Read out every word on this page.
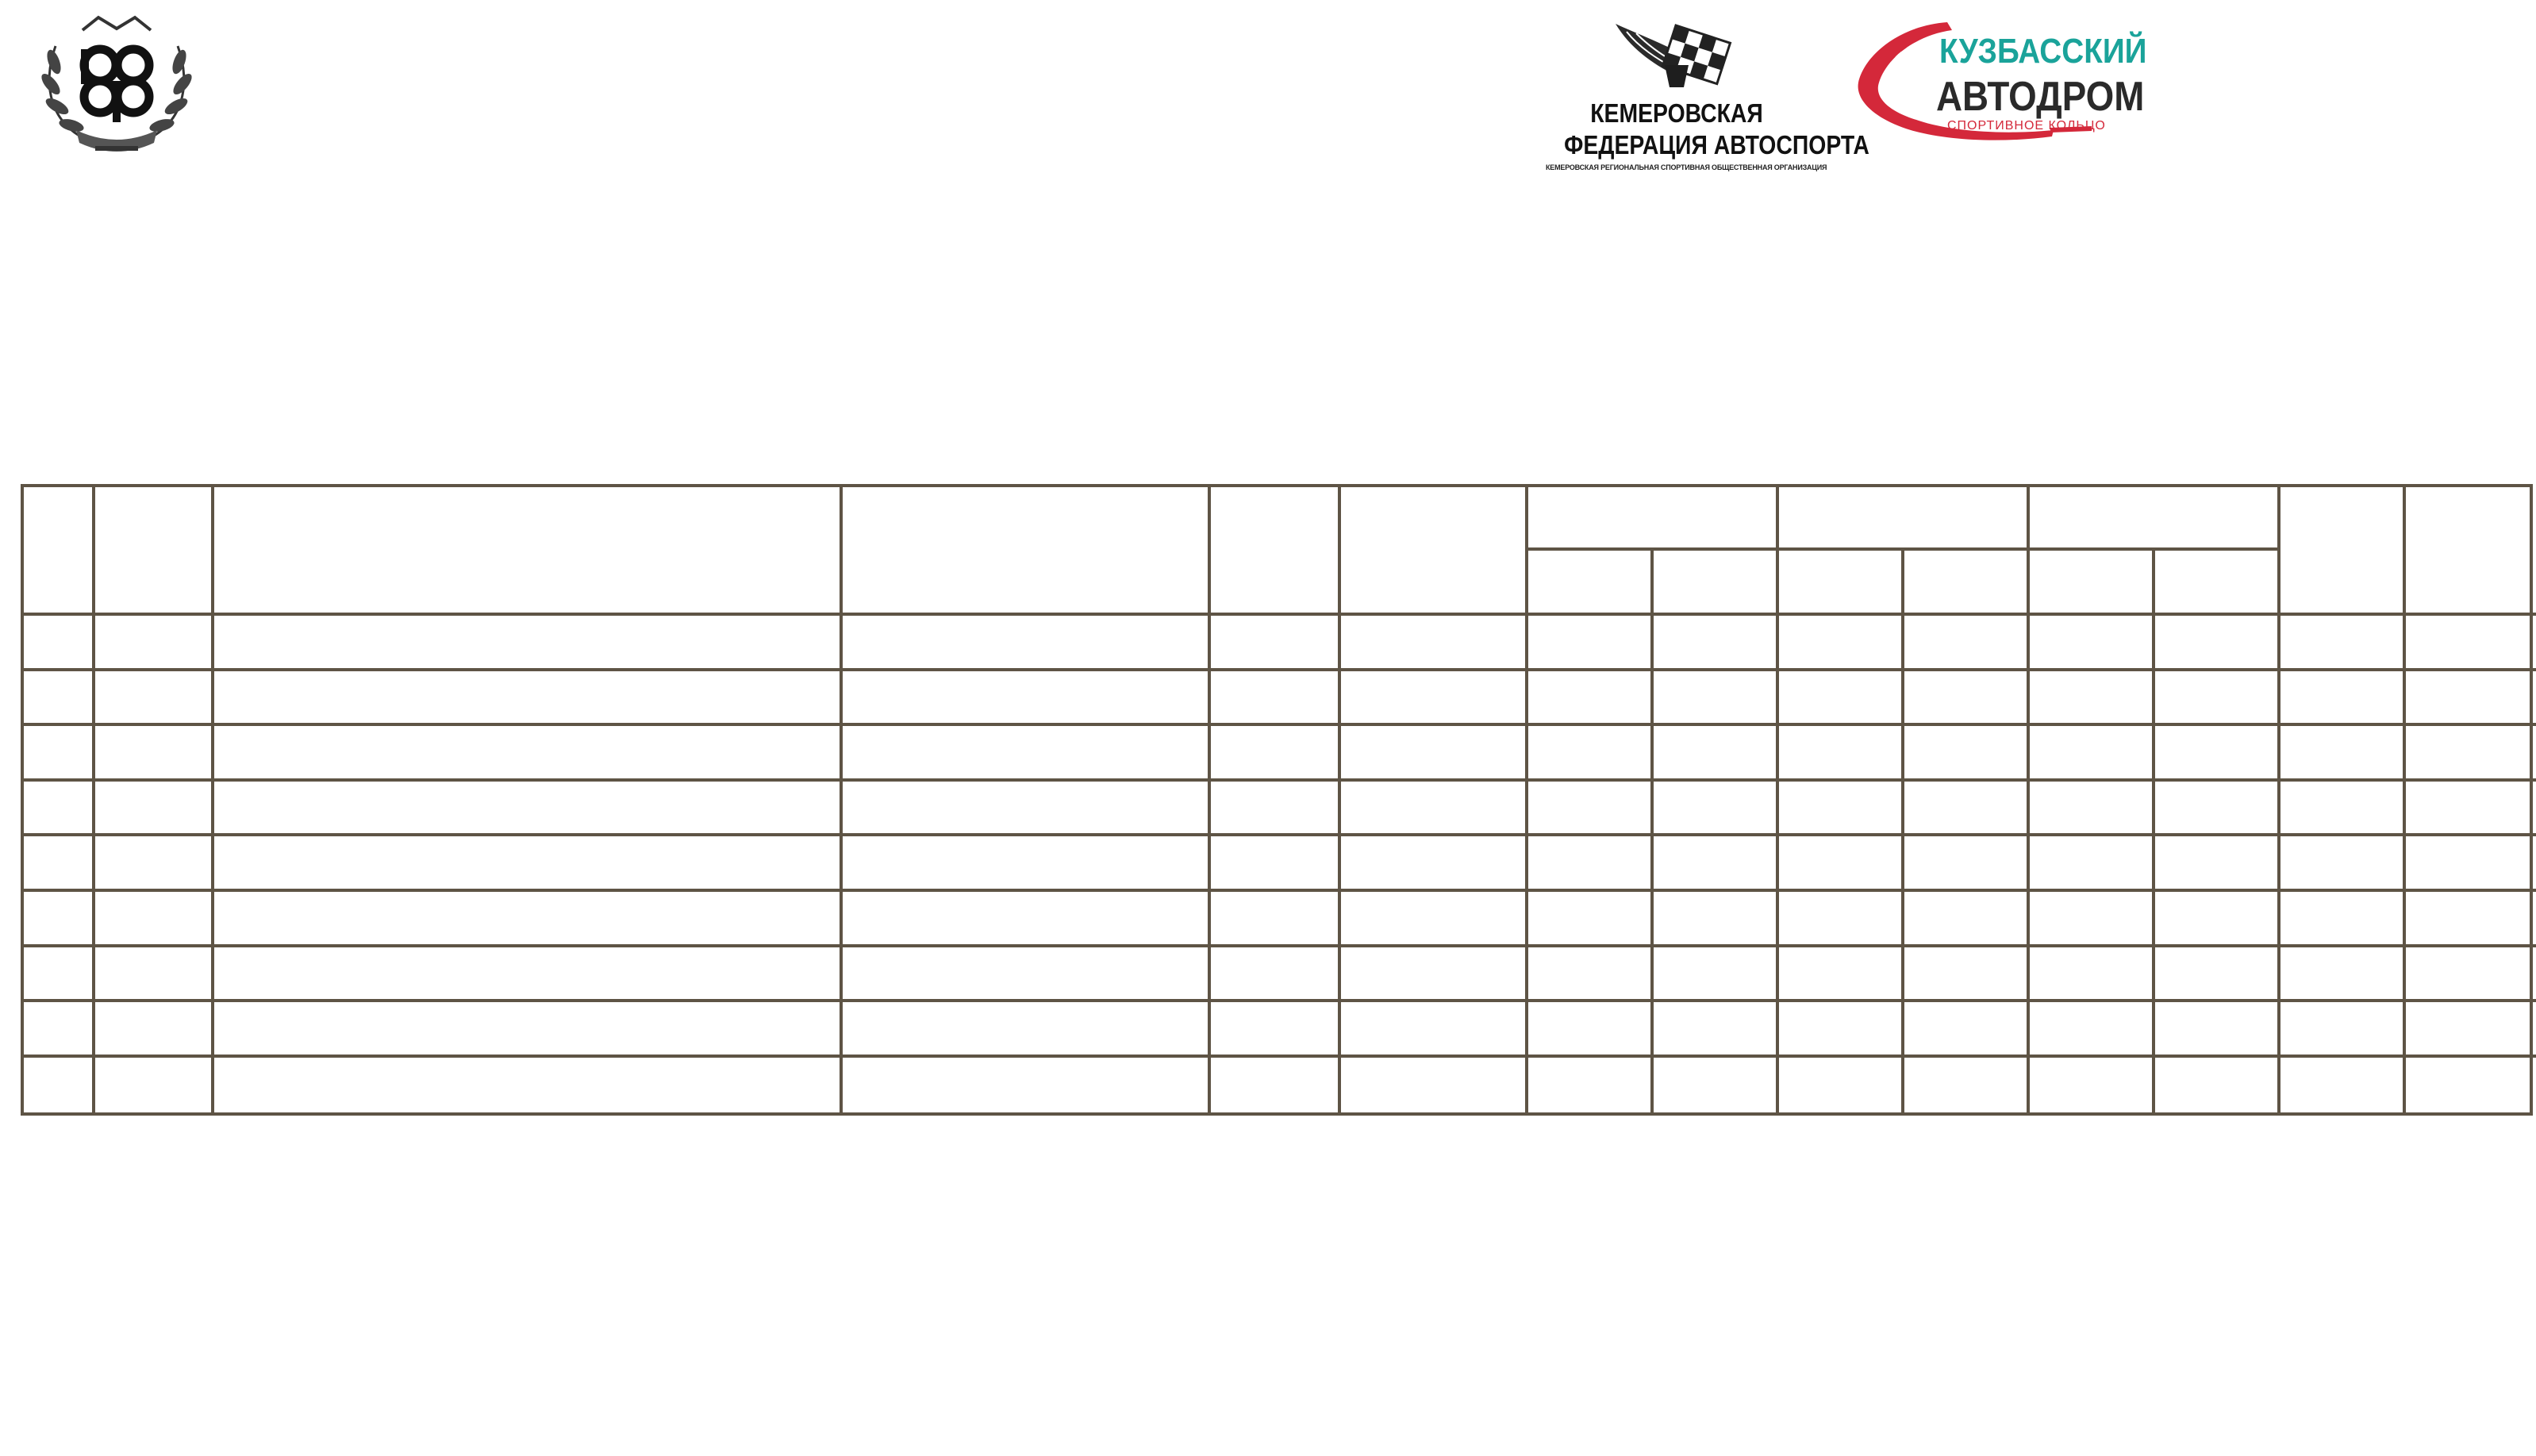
КЕМЕРОВСКАЯ
ФЕДЕРАЦИЯ АВТОСПОРТА
КЕМЕРОВСКАЯ РЕГИОНАЛЬНАЯ СПОРТИВНАЯ ОБЩЕСТВЕННАЯ ОРГАНИЗАЦИЯ
КУЗБАССКИЙ
АВТОДРОМ
СПОРТИВНОЕ КОЛЬЦО
